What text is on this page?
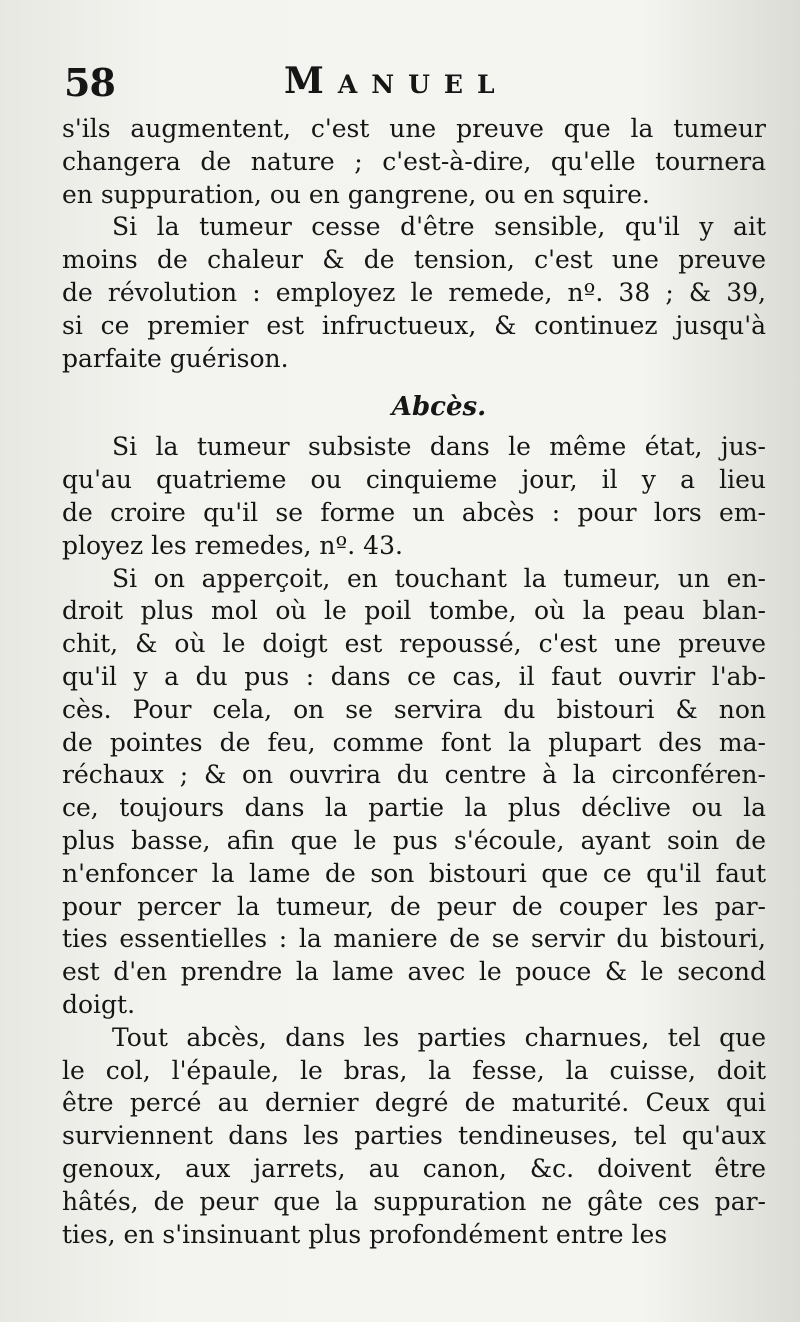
58	Manuel
s'ils augmentent, c'est une preuve que la tumeur
changera de nature ; c'est-à-dire, qu'elle tournera
en suppuration, ou en gangrene, ou en squire.
Si la tumeur cesse d'être sensible, qu'il y ait
moins de chaleur & de tension, c'est une preuve
de révolution : employez le remede, nº. 38 ; & 39,
si ce premier est infructueux, & continuez jusqu'à
parfaite guérison.
Abcès.
Si la tumeur subsiste dans le même état, jus-
qu'au quatrieme ou cinquieme jour, il y a lieu
de croire qu'il se forme un abcès : pour lors em-
ployez les remedes, nº. 43.
Si on apperçoit, en touchant la tumeur, un en-
droit plus mol où le poil tombe, où la peau blan-
chit, & où le doigt est repoussé, c'est une preuve
qu'il y a du pus : dans ce cas, il faut ouvrir l'ab-
cès. Pour cela, on se servira du bistouri & non
de pointes de feu, comme font la plupart des ma-
réchaux ; & on ouvrira du centre à la circonféren-
ce, toujours dans la partie la plus déclive ou la
plus basse, afin que le pus s'écoule, ayant soin de
n'enfoncer la lame de son bistouri que ce qu'il faut
pour percer la tumeur, de peur de couper les par-
ties essentielles : la maniere de se servir du bistouri,
est d'en prendre la lame avec le pouce & le second
doigt.
Tout abcès, dans les parties charnues, tel que
le col, l'épaule, le bras, la fesse, la cuisse, doit
être percé au dernier degré de maturité. Ceux qui
surviennent dans les parties tendineuses, tel qu'aux
genoux, aux jarrets, au canon, &c. doivent être
hâtés, de peur que la suppuration ne gâte ces par-
ties, en s'insinuant plus profondément entre les
